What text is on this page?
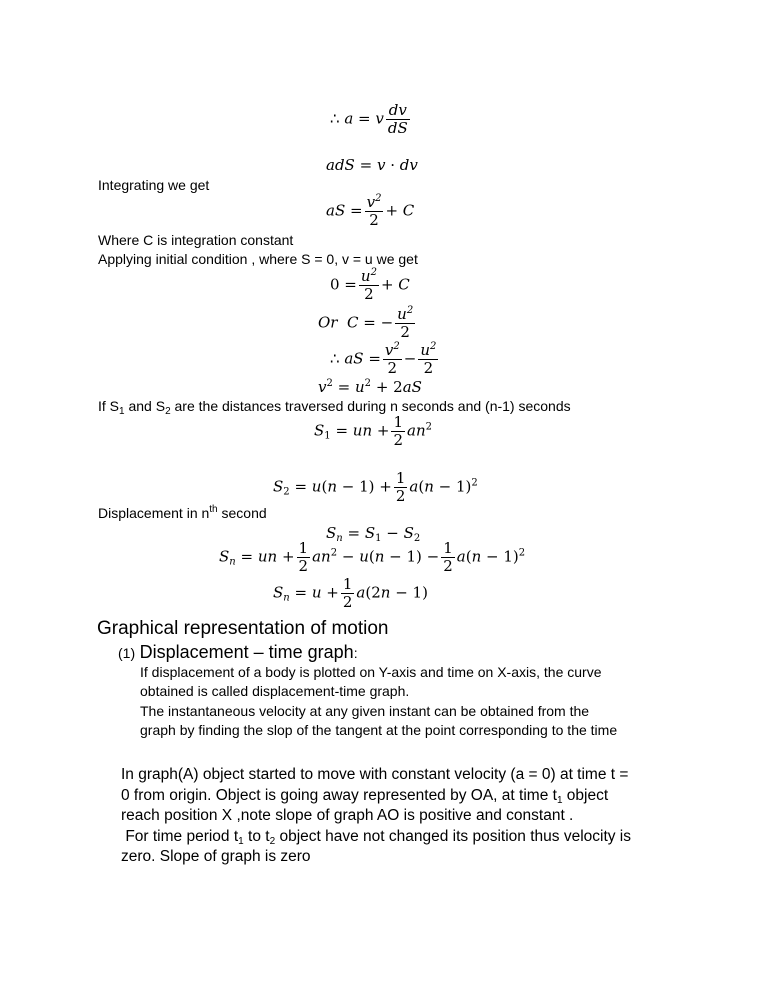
∴ a = v $\frac{dv}{dS}$
adS = v · dv
Integrating we get
aS = $\frac{v^2}{2} + C$
Where C is integration constant
Applying initial condition , where S = 0, v = u we get
$0 = \frac{u^2}{2} + C$
Or  C = − $\frac{u^2}{2}$
∴ aS = $\frac{v^2}{2} - \frac{u^2}{2}$
$v^2 = u^2 + 2aS$
If $S_1$ and $S_2$ are the distances traversed during n seconds and (n-1) seconds
$S_1$ = un + $\frac{1}{2} an^2$
$S_2 = u(n - 1) + \frac{1}{2} a(n - 1)^2$
Displacement in $n^{th}$ second
$S_n = S_1 - S_2$
$S_n$ = un + $\frac{1}{2} an^2 - u(n - 1) - \frac{1}{2} a(n - 1)^2$
$S_n = u + \frac{1}{2} a(2n - 1)$
Graphical representation of motion
(1) Displacement – time graph:
If displacement of a body is plotted on Y-axis and time on X-axis, the curve obtained is called displacement-time graph.
The instantaneous velocity at any given instant can be obtained from the graph by finding the slop of the tangent at the point corresponding to the time
In graph(A) object started to move with constant velocity (a = 0) at time t = 0 from origin. Object is going away represented by OA, at time $t_1$ object reach position X ,note slope of graph AO is positive and constant .
For time period $t_1$ to $t_2$ object have not changed its position thus velocity is zero. Slope of graph is zero
